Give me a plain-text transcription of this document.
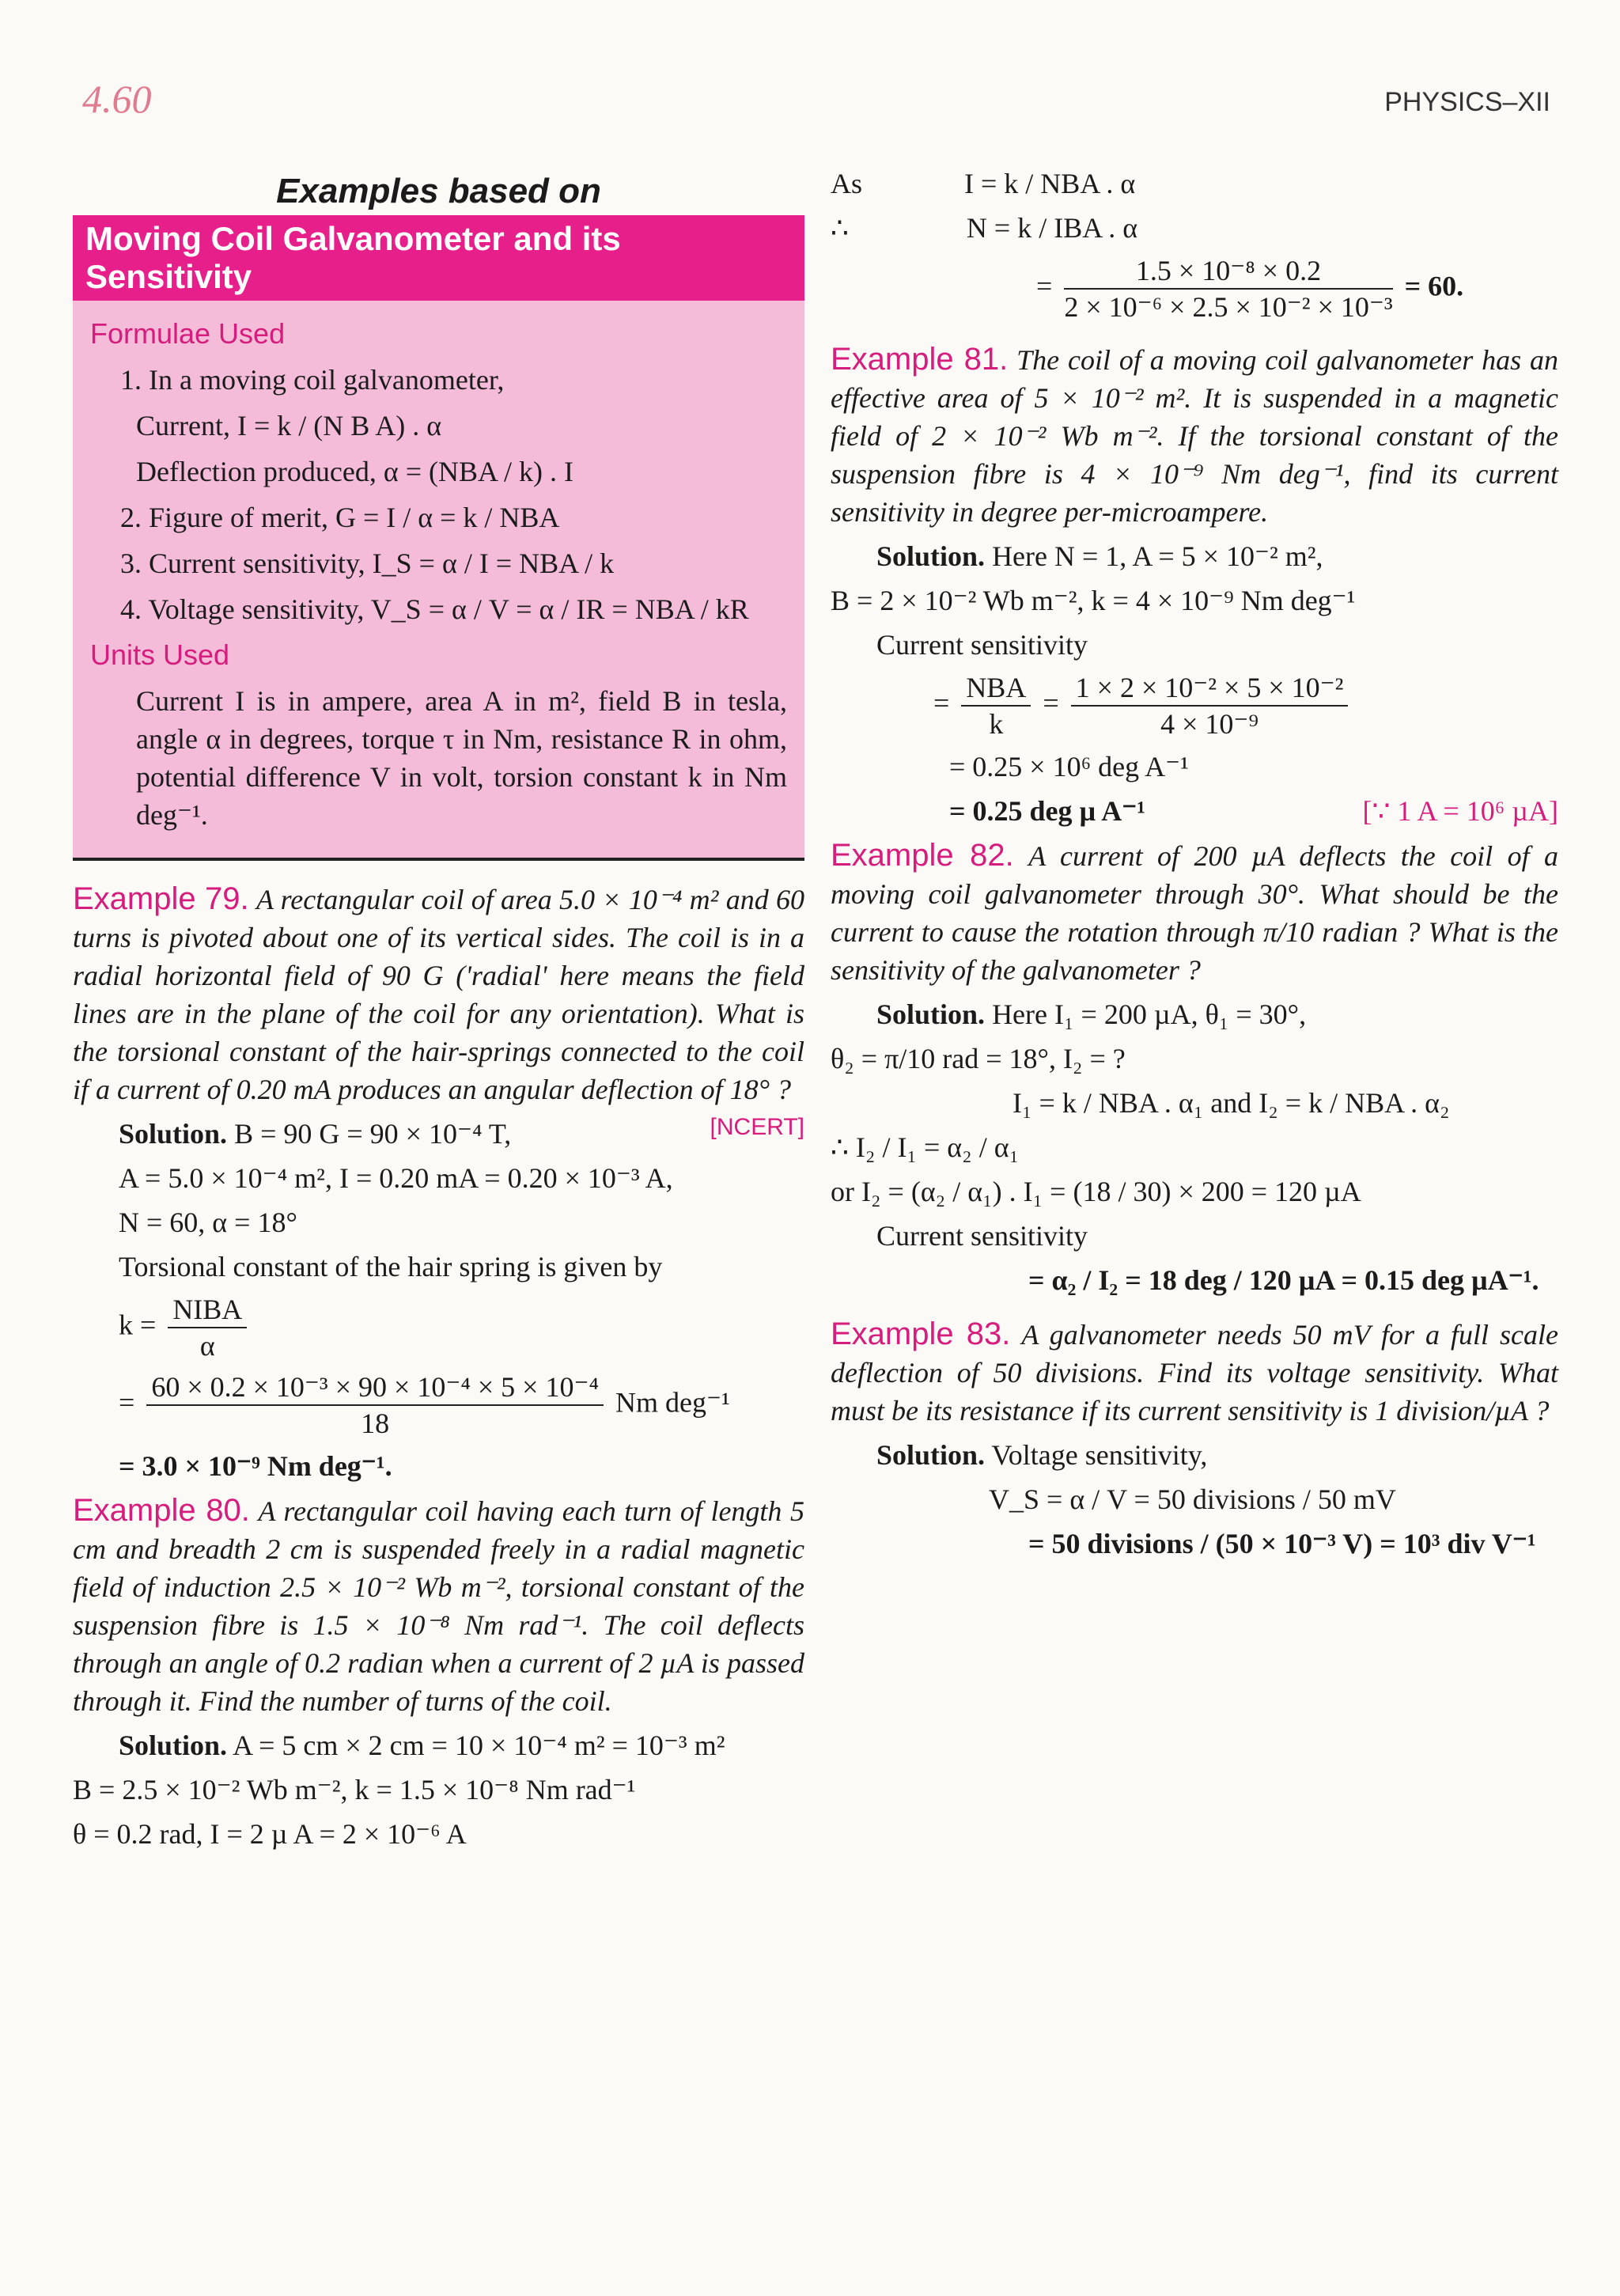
4.60	PHYSICS–XII
Examples based on
Moving Coil Galvanometer and its Sensitivity
Formulae Used
1. In a moving coil galvanometer,
Current, I = k / (N B A) . α
Deflection produced, α = (NBA / k) . I
2. Figure of merit, G = I / α = k / NBA
3. Current sensitivity, I_S = α / I = NBA / k
4. Voltage sensitivity, V_S = α / V = α / IR = NBA / kR
Units Used
Current I is in ampere, area A in m², field B in tesla, angle α in degrees, torque τ in Nm, resistance R in ohm, potential difference V in volt, torsion constant k in Nm deg⁻¹.

Example 79. A rectangular coil of area 5.0 × 10⁻⁴ m² and 60 turns is pivoted about one of its vertical sides. The coil is in a radial horizontal field of 90 G ('radial' here means the field lines are in the plane of the coil for any orientation). What is the torsional constant of the hair-springs connected to the coil if a current of 0.20 mA produces an angular deflection of 18° ?
[NCERT]

Solution. B = 90 G = 90 × 10⁻⁴ T,

A = 5.0 × 10⁻⁴ m², I = 0.20 mA = 0.20 × 10⁻³ A,

N = 60, α = 18°

Torsional constant of the hair spring is given by

k = NIBA
α

= $\frac{\text{60 × 0.2 × 10⁻³ × 90 × 10⁻⁴ × 5 × 10⁻⁴}}{18}$ Nm deg⁻¹

= 3.0 × 10⁻⁹ Nm deg⁻¹.

Example 80. A rectangular coil having each turn of length 5 cm and breadth 2 cm is suspended freely in a radial magnetic field of induction 2.5 × 10⁻² Wb m⁻², torsional constant of the suspension fibre is 1.5 × 10⁻⁸ Nm rad⁻¹. The coil deflects through an angle of 0.2 radian when a current of 2 µA is passed through it. Find the number of turns of the coil.

Solution. A = 5 cm × 2 cm = 10 × 10⁻⁴ m² = 10⁻³ m²

B = 2.5 × 10⁻² Wb m⁻², k = 1.5 × 10⁻⁸ Nm rad⁻¹

θ = 0.2 rad, I = 2 µ A = 2 × 10⁻⁶ A

As	I = k / NBA . α

∴	N = k / IBA . α

= $\frac{\text{1.5 × 10⁻⁸ × 0.2}}{\text{2 × 10⁻⁶ × 2.5 × 10⁻² × 10⁻³}} = 60$.

Example 81. The coil of a moving coil galvanometer has an effective area of 5 × 10⁻² m². It is suspended in a magnetic field of 2 × 10⁻² Wb m⁻². If the torsional constant of the suspension fibre is 4 × 10⁻⁹ Nm deg⁻¹, find its current sensitivity in degree per-microampere.

Solution. Here N = 1, A = 5 × 10⁻² m²,

B = 2 × 10⁻² Wb m⁻², k = 4 × 10⁻⁹ Nm deg⁻¹

Current sensitivity

= NBA
k
= $\frac{\text{1 × 2 × 10⁻² × 5 × 10⁻²}}{\text{4 × 10⁻⁹}}$

= 0.25 × 10⁶ deg A⁻¹

= 0.25 deg µ A⁻¹	[∵ 1 A = 10⁶ µA]

Example 82. A current of 200 µA deflects the coil of a moving coil galvanometer through 30°. What should be the current to cause the rotation through π/10 radian ? What is the sensitivity of the galvanometer ?

Solution. Here I₁ = 200 µA, θ₁ = 30°,

θ₂ = π/10 rad = 18°, I₂ = ?

I₁ = k / NBA . α₁ and I₂ = k / NBA . α₂

∴ I₂ / I₁ = α₂ / α₁

or I₂ = (α₂ / α₁) . I₁ = (18 / 30) × 200 = 120 µA

Current sensitivity

= α₂ / I₂ = 18 deg / 120 µA = 0.15 deg µA⁻¹.

Example 83. A galvanometer needs 50 mV for a full scale deflection of 50 divisions. Find its voltage sensitivity. What must be its resistance if its current sensitivity is 1 division/µA ?

Solution. Voltage sensitivity,

V_S = α / V = 50 divisions / 50 mV

= 50 divisions / (50 × 10⁻³ V) = 10³ div V⁻¹
